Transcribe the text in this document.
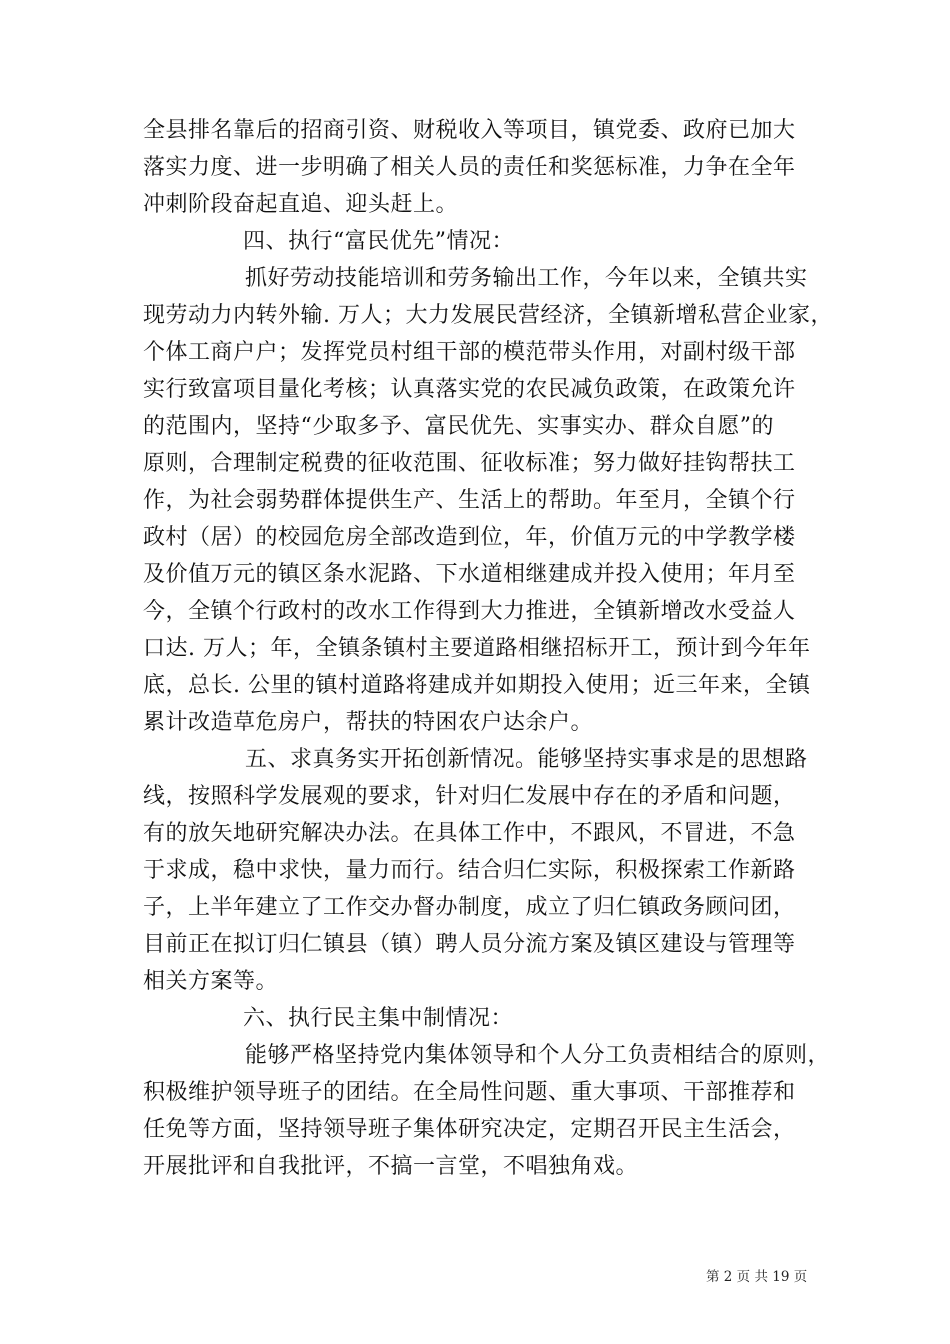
全县排名靠后的招商引资、财税收入等项目，镇党委、政府已加大
落实力度、进一步明确了相关人员的责任和奖惩标准，力争在全年
冲刺阶段奋起直追、迎头赶上。
四、执行“富民优先”情况：
抓好劳动技能培训和劳务输出工作，今年以来，全镇共实
现劳动力内转外输. 万人；大力发展民营经济，全镇新增私营企业家，
个体工商户户；发挥党员村组干部的模范带头作用，对副村级干部
实行致富项目量化考核；认真落实党的农民减负政策，在政策允许
的范围内，坚持“少取多予、富民优先、实事实办、群众自愿”的
原则，合理制定税费的征收范围、征收标准；努力做好挂钩帮扶工
作，为社会弱势群体提供生产、生活上的帮助。年至月，全镇个行
政村（居）的校园危房全部改造到位，年，价值万元的中学教学楼
及价值万元的镇区条水泥路、下水道相继建成并投入使用；年月至
今，全镇个行政村的改水工作得到大力推进，全镇新增改水受益人
口达. 万人；年，全镇条镇村主要道路相继招标开工，预计到今年年
底，总长. 公里的镇村道路将建成并如期投入使用；近三年来，全镇
累计改造草危房户，帮扶的特困农户达余户。
五、求真务实开拓创新情况。能够坚持实事求是的思想路
线，按照科学发展观的要求，针对归仁发展中存在的矛盾和问题，
有的放矢地研究解决办法。在具体工作中，不跟风，不冒进，不急
于求成，稳中求快，量力而行。结合归仁实际，积极探索工作新路
子，上半年建立了工作交办督办制度，成立了归仁镇政务顾问团，
目前正在拟订归仁镇县（镇）聘人员分流方案及镇区建设与管理等
相关方案等。
六、执行民主集中制情况：
能够严格坚持党内集体领导和个人分工负责相结合的原则，
积极维护领导班子的团结。在全局性问题、重大事项、干部推荐和
任免等方面，坚持领导班子集体研究决定，定期召开民主生活会，
开展批评和自我批评，不搞一言堂，不唱独角戏。
第 2 页 共 19 页
